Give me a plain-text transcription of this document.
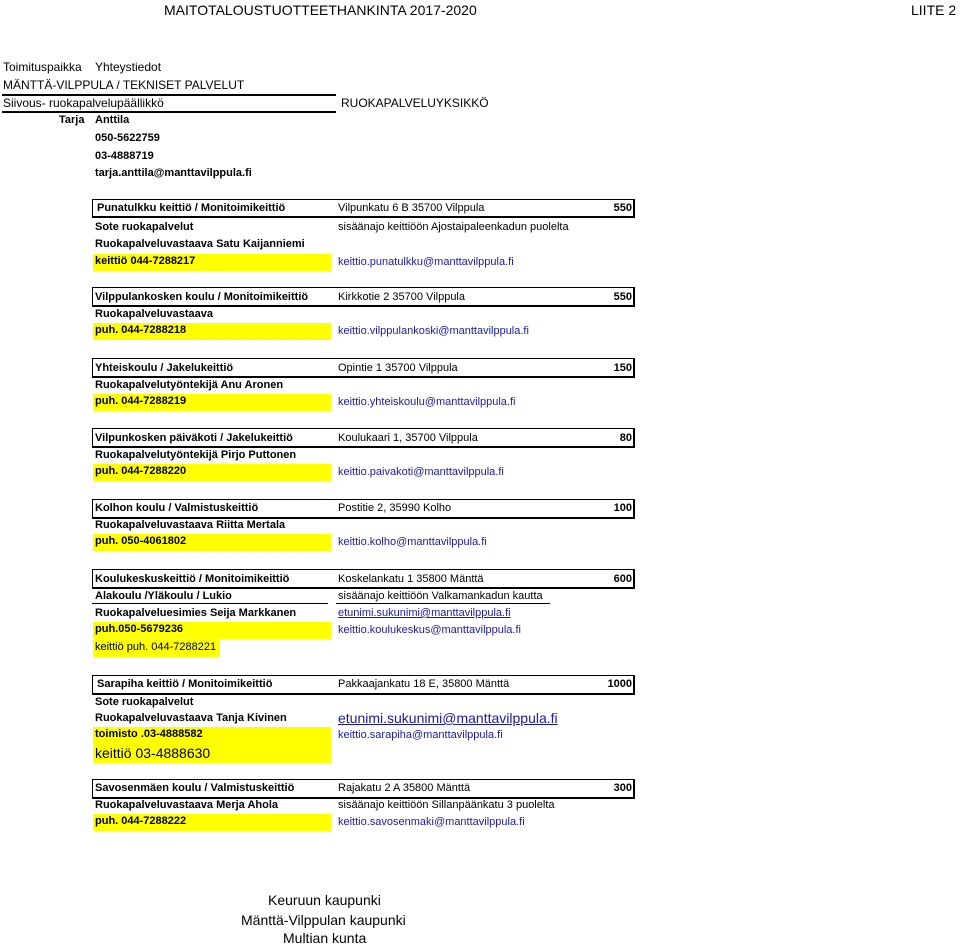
MAITOTALOUSTUOTTEETHANKINTA 2017-2020	LIITE 2
Toimituspaikka Yhteystiedot
MÄNTTÄ-VILPPULA / TEKNISET PALVELUT
Siivous- ruokapalvelupäällikkö	RUOKAPALVELUYKSIKKÖ
Tarja Anttila
050-5622759
03-4888719
tarja.anttila@manttavilppula.fi
Punatulkku keittiö / Monitoimikeittiö	Vilpunkatu 6 B 35700 Vilppula	550
Sote ruokapalvelut	sisäänajo keittiöön Ajostaipaleenkadun puolelta
Ruokapalveluvastaava Satu Kaijanniemi
keittiö 044-7288217	keittio.punatulkku@manttavilppula.fi
Vilppulankosken koulu / Monitoimikeittiö	Kirkkotie 2 35700 Vilppula	550
Ruokapalveluvastaava
puh. 044-7288218	keittio.vilppulankoski@manttavilppula.fi
Yhteiskoulu / Jakelukeittiö	Opintie 1 35700 Vilppula	150
Ruokapalvelutyöntekijä Anu Aronen
puh. 044-7288219	keittio.yhteiskoulu@manttavilppula.fi
Vilpunkosken päiväkoti / Jakelukeittiö	Koulukaari 1, 35700 Vilppula	80
Ruokapalvelutyöntekijä Pirjo Puttonen
puh. 044-7288220	keittio.paivakoti@manttavilppula.fi
Kolhon koulu / Valmistuskeittiö	Postitie 2, 35990 Kolho	100
Ruokapalveluvastaava Riitta Mertala
puh. 050-4061802	keittio.kolho@manttavilppula.fi
Koulukeskuskeittiö / Monitoimikeittiö	Koskelankatu 1 35800 Mänttä	600
Alakoulu /Yläkoulu / Lukio	sisäänajo keittiöön Valkamankadun kautta
Ruokapalveluesimies Seija Markkanen	etunimi.sukunimi@manttavilppula.fi
puh.050-5679236	keittio.koulukeskus@manttavilppula.fi
keittiö puh. 044-7288221
Sarapiha keittiö / Monitoimikeittiö	Pakkaajankatu 18 E, 35800 Mänttä	1000
Sote ruokapalvelut
Ruokapalveluvastaava Tanja Kivinen	etunimi.sukunimi@manttavilppula.fi
toimisto .03-4888582	keittio.sarapiha@manttavilppula.fi
keittiö 03-4888630
Savosenmäen koulu / Valmistuskeittiö	Rajakatu 2 A 35800 Mänttä	300
Ruokapalveluvastaava Merja Ahola	sisäänajo keittiöön Sillanpäänkatu 3 puolelta
puh. 044-7288222	keittio.savosenmaki@manttavilppula.fi
Keuruun kaupunki
Mänttä-Vilppulan kaupunki
Multian kunta
